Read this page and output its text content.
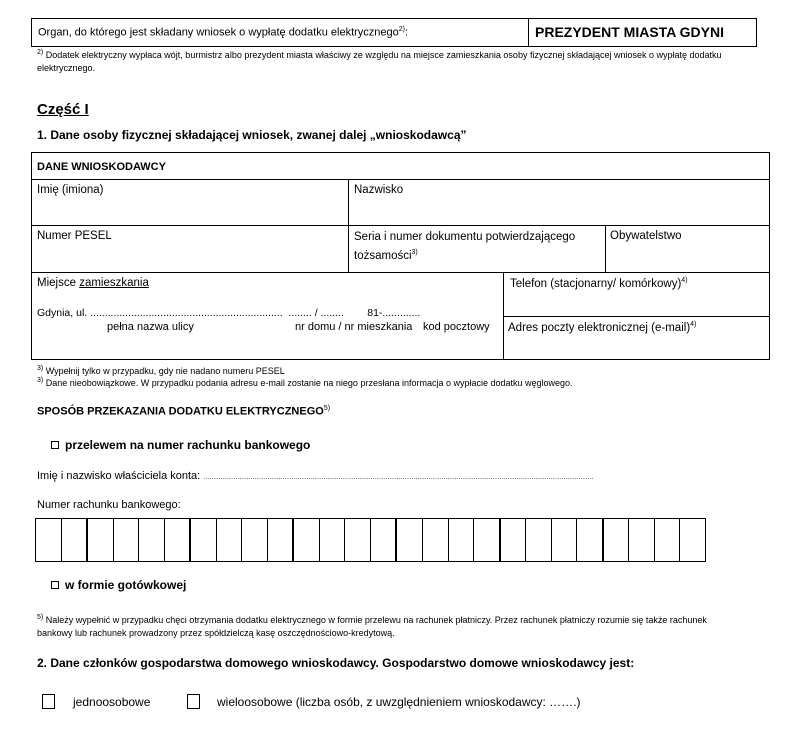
Organ, do którego jest składany wniosek o wypłatę dodatku elektrycznego$^{2)}$:	PREZYDENT MIASTA GDYNI
$^{2)}$ Dodatek elektryczny wypłaca wójt, burmistrz albo prezydent miasta właściwy ze względu na miejsce zamieszkania osoby fizycznej składającej wniosek o wypłatę dodatku
elektrycznego.
Część I
1. Dane osoby fizycznej składającej wniosek, zwanej dalej „wnioskodawcą”
DANE WNIOSKODAWCY
Imię (imiona)	Nazwisko
Numer PESEL	Seria i numer dokumentu potwierdzającego
tożsamości$^{3)}$
Obywatelstwo
Miejsce zamieszkania
Gdynia, ul. ..................................................................  ........ / ........        81-.............
pełna nazwa ulicy	nr domu / nr mieszkania kod pocztowy
Telefon (stacjonarny/ komórkowy)$^{4)}$
Adres poczty elektronicznej (e-mail)$^{4)}$
$^{3)}$ Wypełnij tylko w przypadku, gdy nie nadano numeru PESEL
$^{3)}$ Dane nieobowiązkowe. W przypadku podania adresu e-mail zostanie na niego przesłana informacja o wypłacie dodatku węglowego.
SPOSÓB PRZEKAZANIA DODATKU ELEKTRYCZNEGO$^{5)}$
przelewem na numer rachunku bankowego
Imię i nazwisko właściciela konta: ......................................................................................................................................................................................
Numer rachunku bankowego:
w formie gotówkowej
$^{5)}$ Należy wypełnić w przypadku chęci otrzymania dodatku elektrycznego w formie przelewu na rachunek płatniczy. Przez rachunek płatniczy rozumie się także rachunek
bankowy lub rachunek prowadzony przez spółdzielczą kasę oszczędnościowo-kredytową.
2. Dane członków gospodarstwa domowego wnioskodawcy. Gospodarstwo domowe wnioskodawcy jest:
jednoosobowe	wieloosobowe (liczba osób, z uwzględnieniem wnioskodawcy: …….)
